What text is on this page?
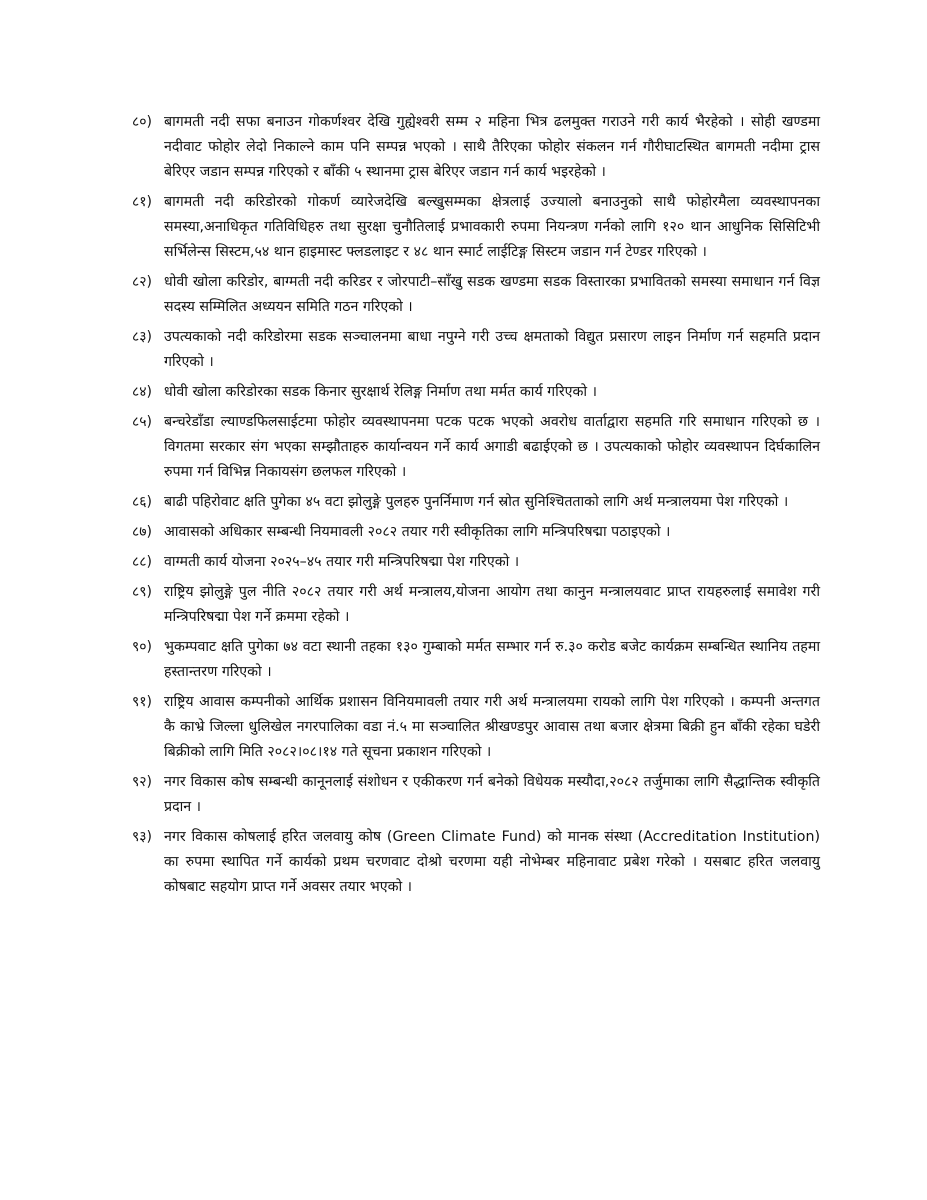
८०) बागमती नदी सफा बनाउन गोकर्णश्वर देखि गुह्येश्वरी सम्म २ महिना भित्र ढलमुक्त गराउने गरी कार्य भैरहेको । सोही खण्डमा नदीवाट फोहोर लेदो निकाल्ने काम पनि सम्पन्न भएको । साथै तैरिएका फोहोर संकलन गर्न गौरीघाटस्थित बागमती नदीमा ट्रास बेरिएर जडान सम्पन्न गरिएको र बाँकी ५ स्थानमा ट्रास बेरिएर जडान गर्न कार्य भइरहेको ।
८१) बागमती नदी करिडोरको गोकर्ण व्यारेजदेखि बल्खुसम्मका क्षेत्रलाई उज्यालो बनाउनुको साथै फोहोरमैला व्यवस्थापनका समस्या,अनाधिकृत गतिविधिहरु तथा सुरक्षा चुनौतिलाई प्रभावकारी रुपमा नियन्त्रण गर्नको लागि १२० थान आधुनिक सिसिटिभी सर्भिलेन्स सिस्टम,५४ थान हाइमास्ट फ्लडलाइट र ४८ थान स्मार्ट लाईटिङ्ग सिस्टम जडान गर्न टेण्डर गरिएको ।
८२) धोवी खोला करिडोर, बाग्मती नदी करिडर र जोरपाटी–साँखु सडक खण्डमा सडक विस्तारका प्रभावितको समस्या समाधान गर्न विज्ञ सदस्य सम्मिलित अध्ययन समिति गठन गरिएको ।
८३) उपत्यकाको नदी करिडोरमा सडक सञ्चालनमा बाधा नपुग्ने गरी उच्च क्षमताको विद्युत प्रसारण लाइन निर्माण गर्न सहमति प्रदान गरिएको ।
८४) धोवी खोला करिडोरका सडक किनार सुरक्षार्थ रेलिङ्ग निर्माण तथा मर्मत कार्य गरिएको ।
८५) बन्चरेडाँडा ल्याण्डफिलसाईटमा फोहोर व्यवस्थापनमा पटक पटक भएको अवरोध वार्ताद्वारा सहमति गरि समाधान गरिएको छ । विगतमा सरकार संग भएका सम्झौताहरु कार्यान्वयन गर्ने कार्य अगाडी बढाईएको छ । उपत्यकाको फोहोर व्यवस्थापन दिर्घकालिन रुपमा गर्न विभिन्न निकायसंग छलफल गरिएको ।
८६) बाढी पहिरोवाट क्षति पुगेका ४५ वटा झोलुङ्गे पुलहरु पुनर्निमाण गर्न स्रोत सुनिश्चितताको लागि अर्थ मन्त्रालयमा पेश गरिएको ।
८७) आवासको अधिकार सम्बन्धी नियमावली २०८२ तयार गरी स्वीकृतिका लागि मन्त्रिपरिषद्मा पठाइएको ।
८८) वाग्मती कार्य योजना २०२५–४५ तयार गरी मन्त्रिपरिषद्मा पेश गरिएको ।
८९) राष्ट्रिय झोलुङ्गे पुल नीति २०८२ तयार गरी अर्थ मन्त्रालय,योजना आयोग तथा कानुन मन्त्रालयवाट प्राप्त रायहरुलाई समावेश गरी मन्त्रिपरिषद्मा पेश गर्ने क्रममा रहेको ।
९०) भुकम्पवाट क्षति पुगेका ७४ वटा स्थानी तहका १३० गुम्बाको मर्मत सम्भार गर्न रु.३० करोड बजेट कार्यक्रम सम्बन्धित स्थानिय तहमा हस्तान्तरण गरिएको ।
९१) राष्ट्रिय आवास कम्पनीको आर्थिक प्रशासन विनियमावली तयार गरी अर्थ मन्त्रालयमा रायको लागि पेश गरिएको । कम्पनी अन्तगत कै काभ्रे जिल्ला धुलिखेल नगरपालिका वडा नं.५ मा सञ्चालित श्रीखण्डपुर आवास तथा बजार क्षेत्रमा बिक्री हुन बाँकी रहेका घडेरी बिक्रीको लागि मिति २०८२।०८।१४ गते सूचना प्रकाशन गरिएको ।
९२) नगर विकास कोष सम्बन्धी कानूनलाई संशोधन र एकीकरण गर्न बनेको विधेयक मस्यौदा,२०८२ तर्जुमाका लागि सैद्धान्तिक स्वीकृति प्रदान ।
९३) नगर विकास कोषलाई हरित जलवायु कोष (Green Climate Fund) को मानक संस्था (Accreditation Institution) का रुपमा स्थापित गर्ने कार्यको प्रथम चरणवाट दोश्रो चरणमा यही नोभेम्बर महिनावाट प्रबेश गरेको । यसबाट हरित जलवायु कोषबाट सहयोग प्राप्त गर्ने अवसर तयार भएको ।
